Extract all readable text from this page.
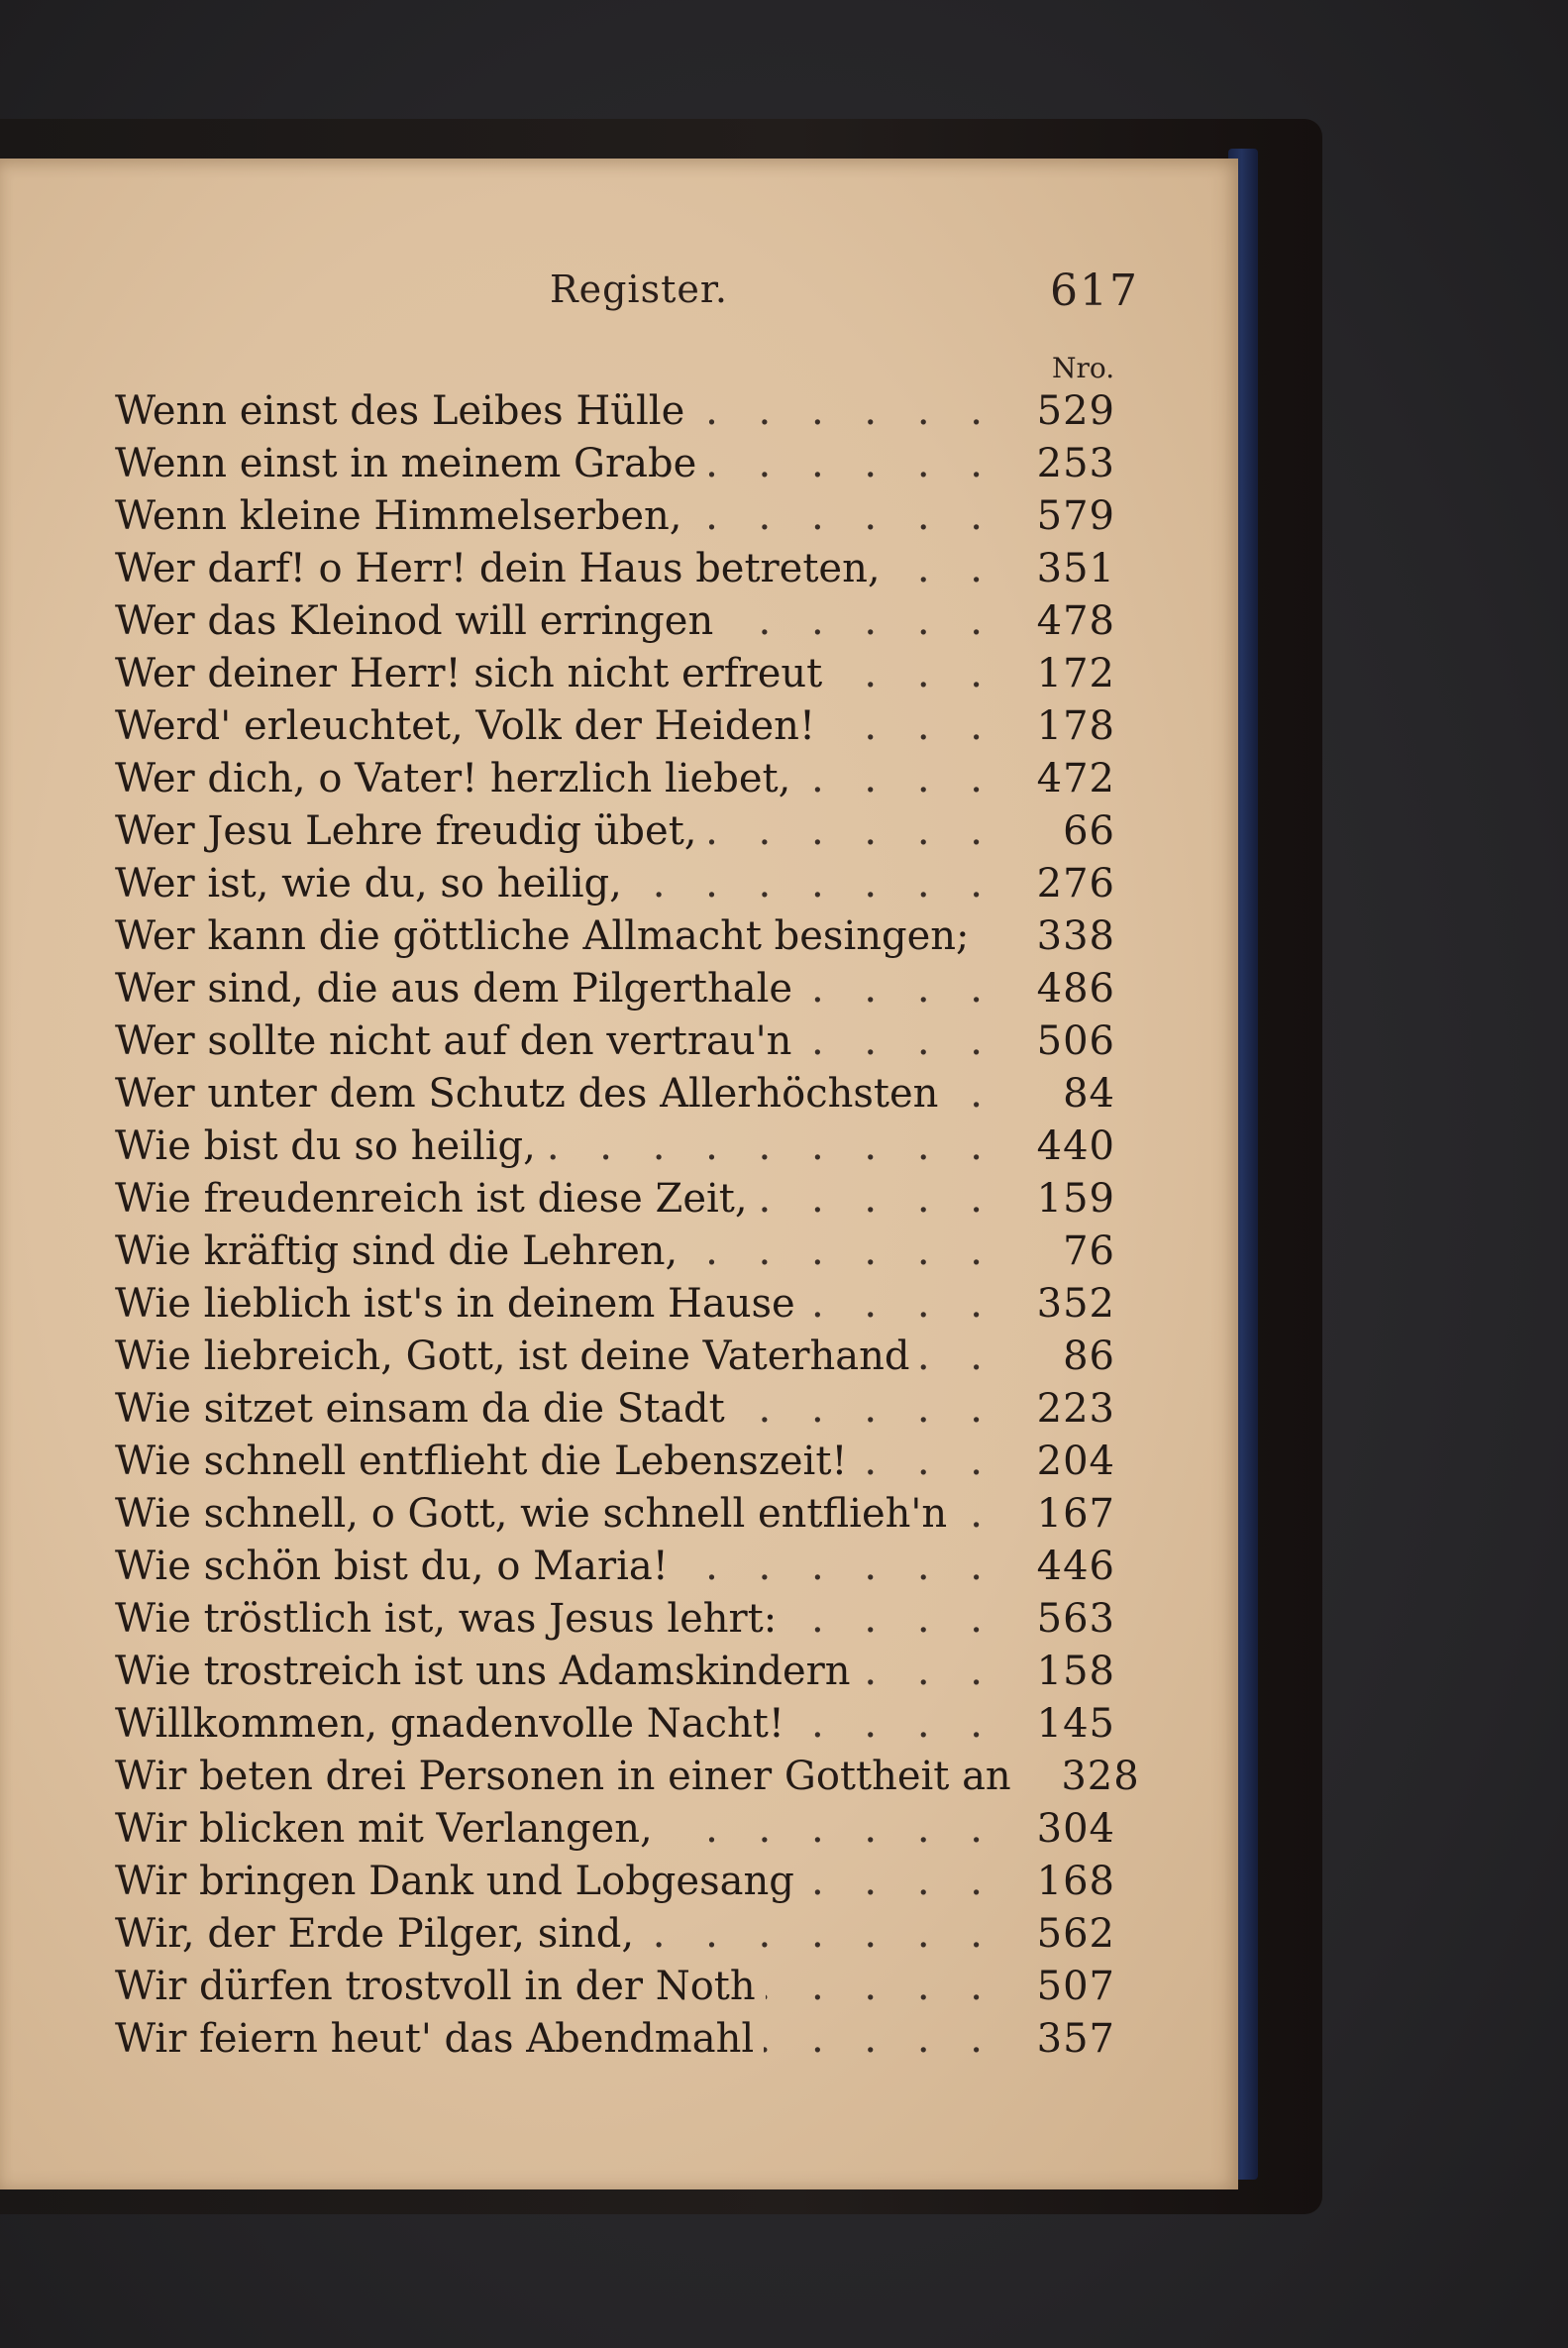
Register.	617
Nro.
Wenn einst des Leibes Hülle . . .	529
Wenn einst in meinem Grabe . . .	253
Wenn kleine Himmelserben, . . .	579
Wer darf! o Herr! dein Haus betreten, . . .	351
Wer das Kleinod will erringen . . .	478
Wer deiner Herr! sich nicht erfreut . . .	172
Werd' erleuchtet, Volk der Heiden! . . .	178
Wer dich, o Vater! herzlich liebet, . . .	472
Wer Jesu Lehre freudig übet, . . .	66
Wer ist, wie du, so heilig, . . .	276
Wer kann die göttliche Allmacht besingen; . . .	338
Wer sind, die aus dem Pilgerthale . . .	486
Wer sollte nicht auf den vertrau'n . . .	506
Wer unter dem Schutz des Allerhöchsten . . .	84
Wie bist du so heilig, . . .	440
Wie freudenreich ist diese Zeit, . . .	159
Wie kräftig sind die Lehren, . . .	76
Wie lieblich ist's in deinem Hause . . .	352
Wie liebreich, Gott, ist deine Vaterhand . . .	86
Wie sitzet einsam da die Stadt . . .	223
Wie schnell entflieht die Lebenszeit! . . .	204
Wie schnell, o Gott, wie schnell entflieh'n . . .	167
Wie schön bist du, o Maria! . . .	446
Wie tröstlich ist, was Jesus lehrt: . . .	563
Wie trostreich ist uns Adamskindern . . .	158
Willkommen, gnadenvolle Nacht! . . .	145
Wir beten drei Personen in einer Gottheit an	328
Wir blicken mit Verlangen, . . .	304
Wir bringen Dank und Lobgesang . . .	168
Wir, der Erde Pilger, sind, . . .	562
Wir dürfen trostvoll in der Noth . . .	507
Wir feiern heut' das Abendmahl . . .	357
